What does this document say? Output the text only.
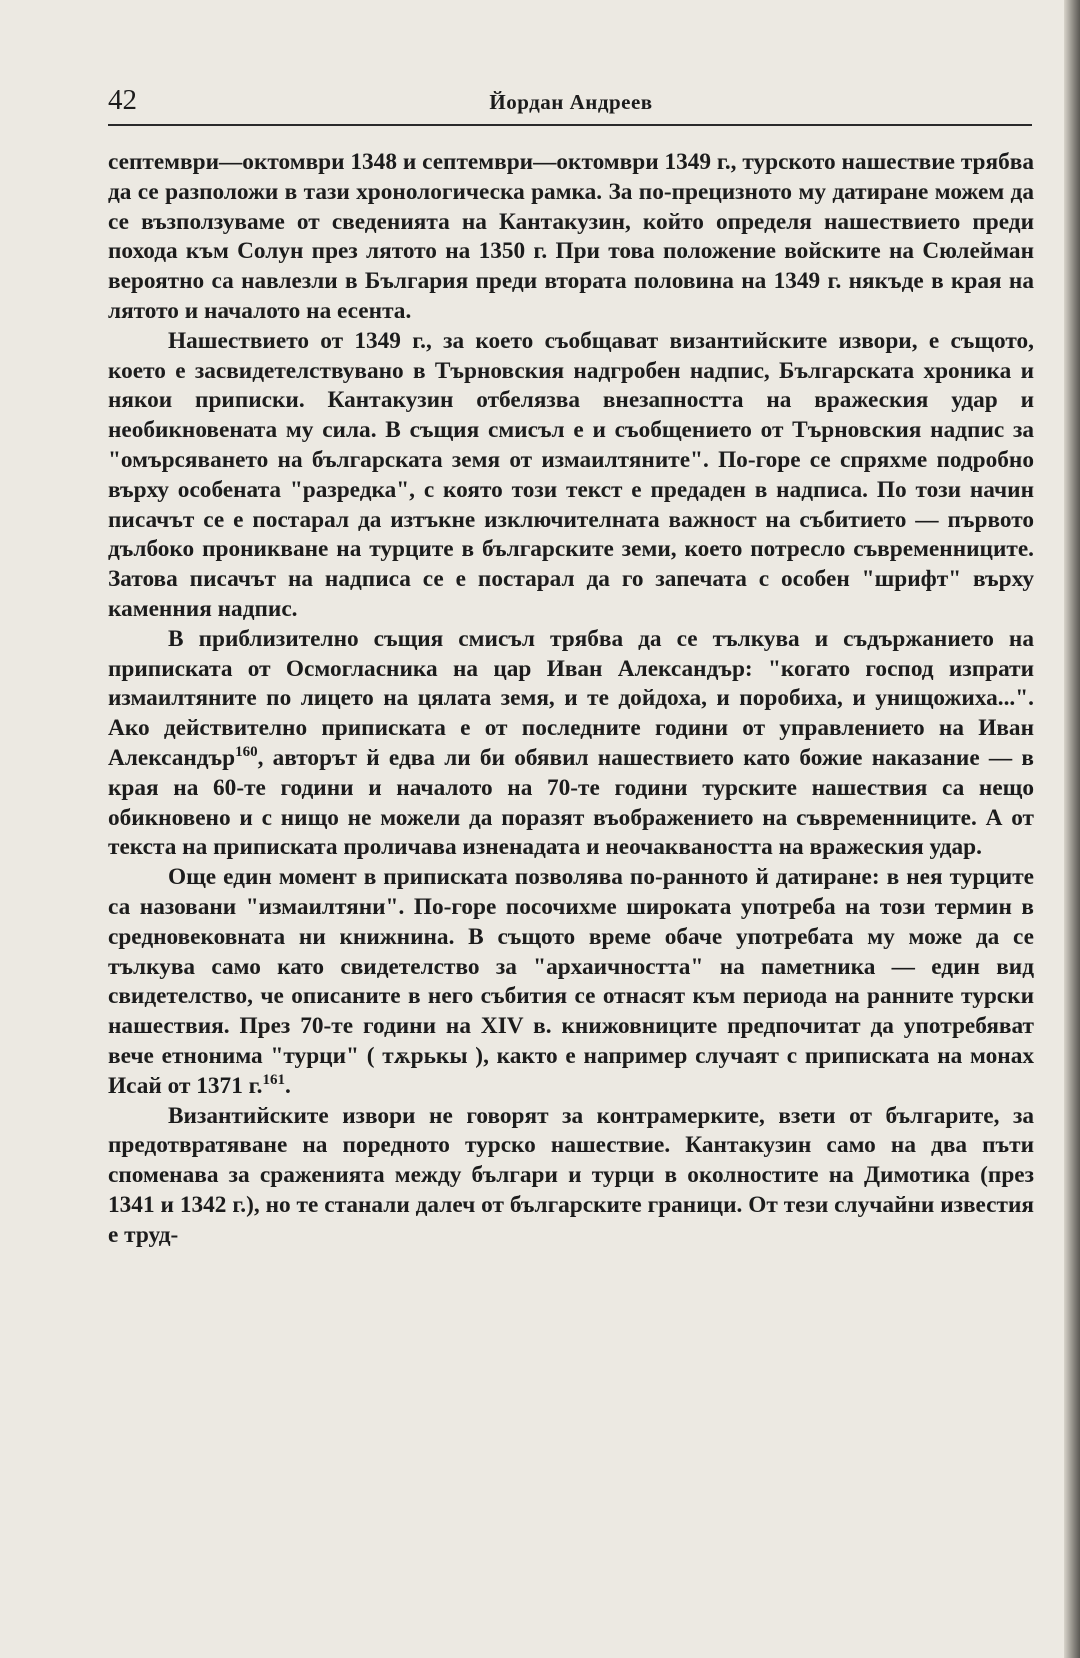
42	Йордан Андреев

септември—октомври 1348 и септември—октомври 1349 г., турското нашествие трябва да се разположи в тази хронологическа рамка. За по-прецизното му датиране можем да се възползуваме от сведенията на Кантакузин, който определя нашествието преди похода към Солун през лятото на 1350 г. При това положение войските на Сюлейман вероятно са навлезли в България преди втората половина на 1349 г. някъде в края на лятото и началото на есента.

Нашествието от 1349 г., за което съобщават византийските извори, е същото, което е засвидетелствувано в Търновския надгробен надпис, Българската хроника и някои приписки. Кантакузин отбелязва внезапността на вражеския удар и необикновената му сила. В същия смисъл е и съобщението от Търновския надпис за "омърсяването на българската земя от измаилтяните". По-горе се спряхме подробно върху особената "разредка", с която този текст е предаден в надписа. По този начин писачът се е постарал да изтъкне изключителната важност на събитието — първото дълбоко проникване на турците в българските земи, което потресло съвременниците. Затова писачът на надписа се е постарал да го запечата с особен "шрифт" върху каменния надпис.

В приблизително същия смисъл трябва да се тълкува и съдържанието на приписката от Осмогласника на цар Иван Александър: "когато господ изпрати измаилтяните по лицето на цялата земя, и те дойдоха, и поробиха, и унищожиха...". Ако действително приписката е от последните години от управлението на Иван Александър$^{160}$, авторът й едва ли би обявил нашествието като божие наказание — в края на 60-те години и началото на 70-те години турските нашествия са нещо обикновено и с нищо не можели да поразят въображението на съвременниците. А от текста на приписката проличава изненадата и неочакваността на вражеския удар.

Още един момент в приписката позволява по-ранното й датиране: в нея турците са назовани "измаилтяни". По-горе посочихме широката употреба на този термин в средновековната ни книжнина. В същото време обаче употребата му може да се тълкува само като свидетелство за "архаичността" на паметника — един вид свидетелство, че описаните в него събития се отнасят към периода на ранните турски нашествия. През 70-те години на XIV в. книжовниците предпочитат да употребяват вече етнонима "турци" ( тѫрькы ), както е например случаят с приписката на монах Исай от 1371 г.$^{161}$.

Византийските извори не говорят за контрамерките, взети от българите, за предотвратяване на поредното турско нашествие. Кантакузин само на два пъти споменава за сраженията между българи и турци в околностите на Димотика (през 1341 и 1342 г.), но те станали далеч от българските граници. От тези случайни известия е труд-
